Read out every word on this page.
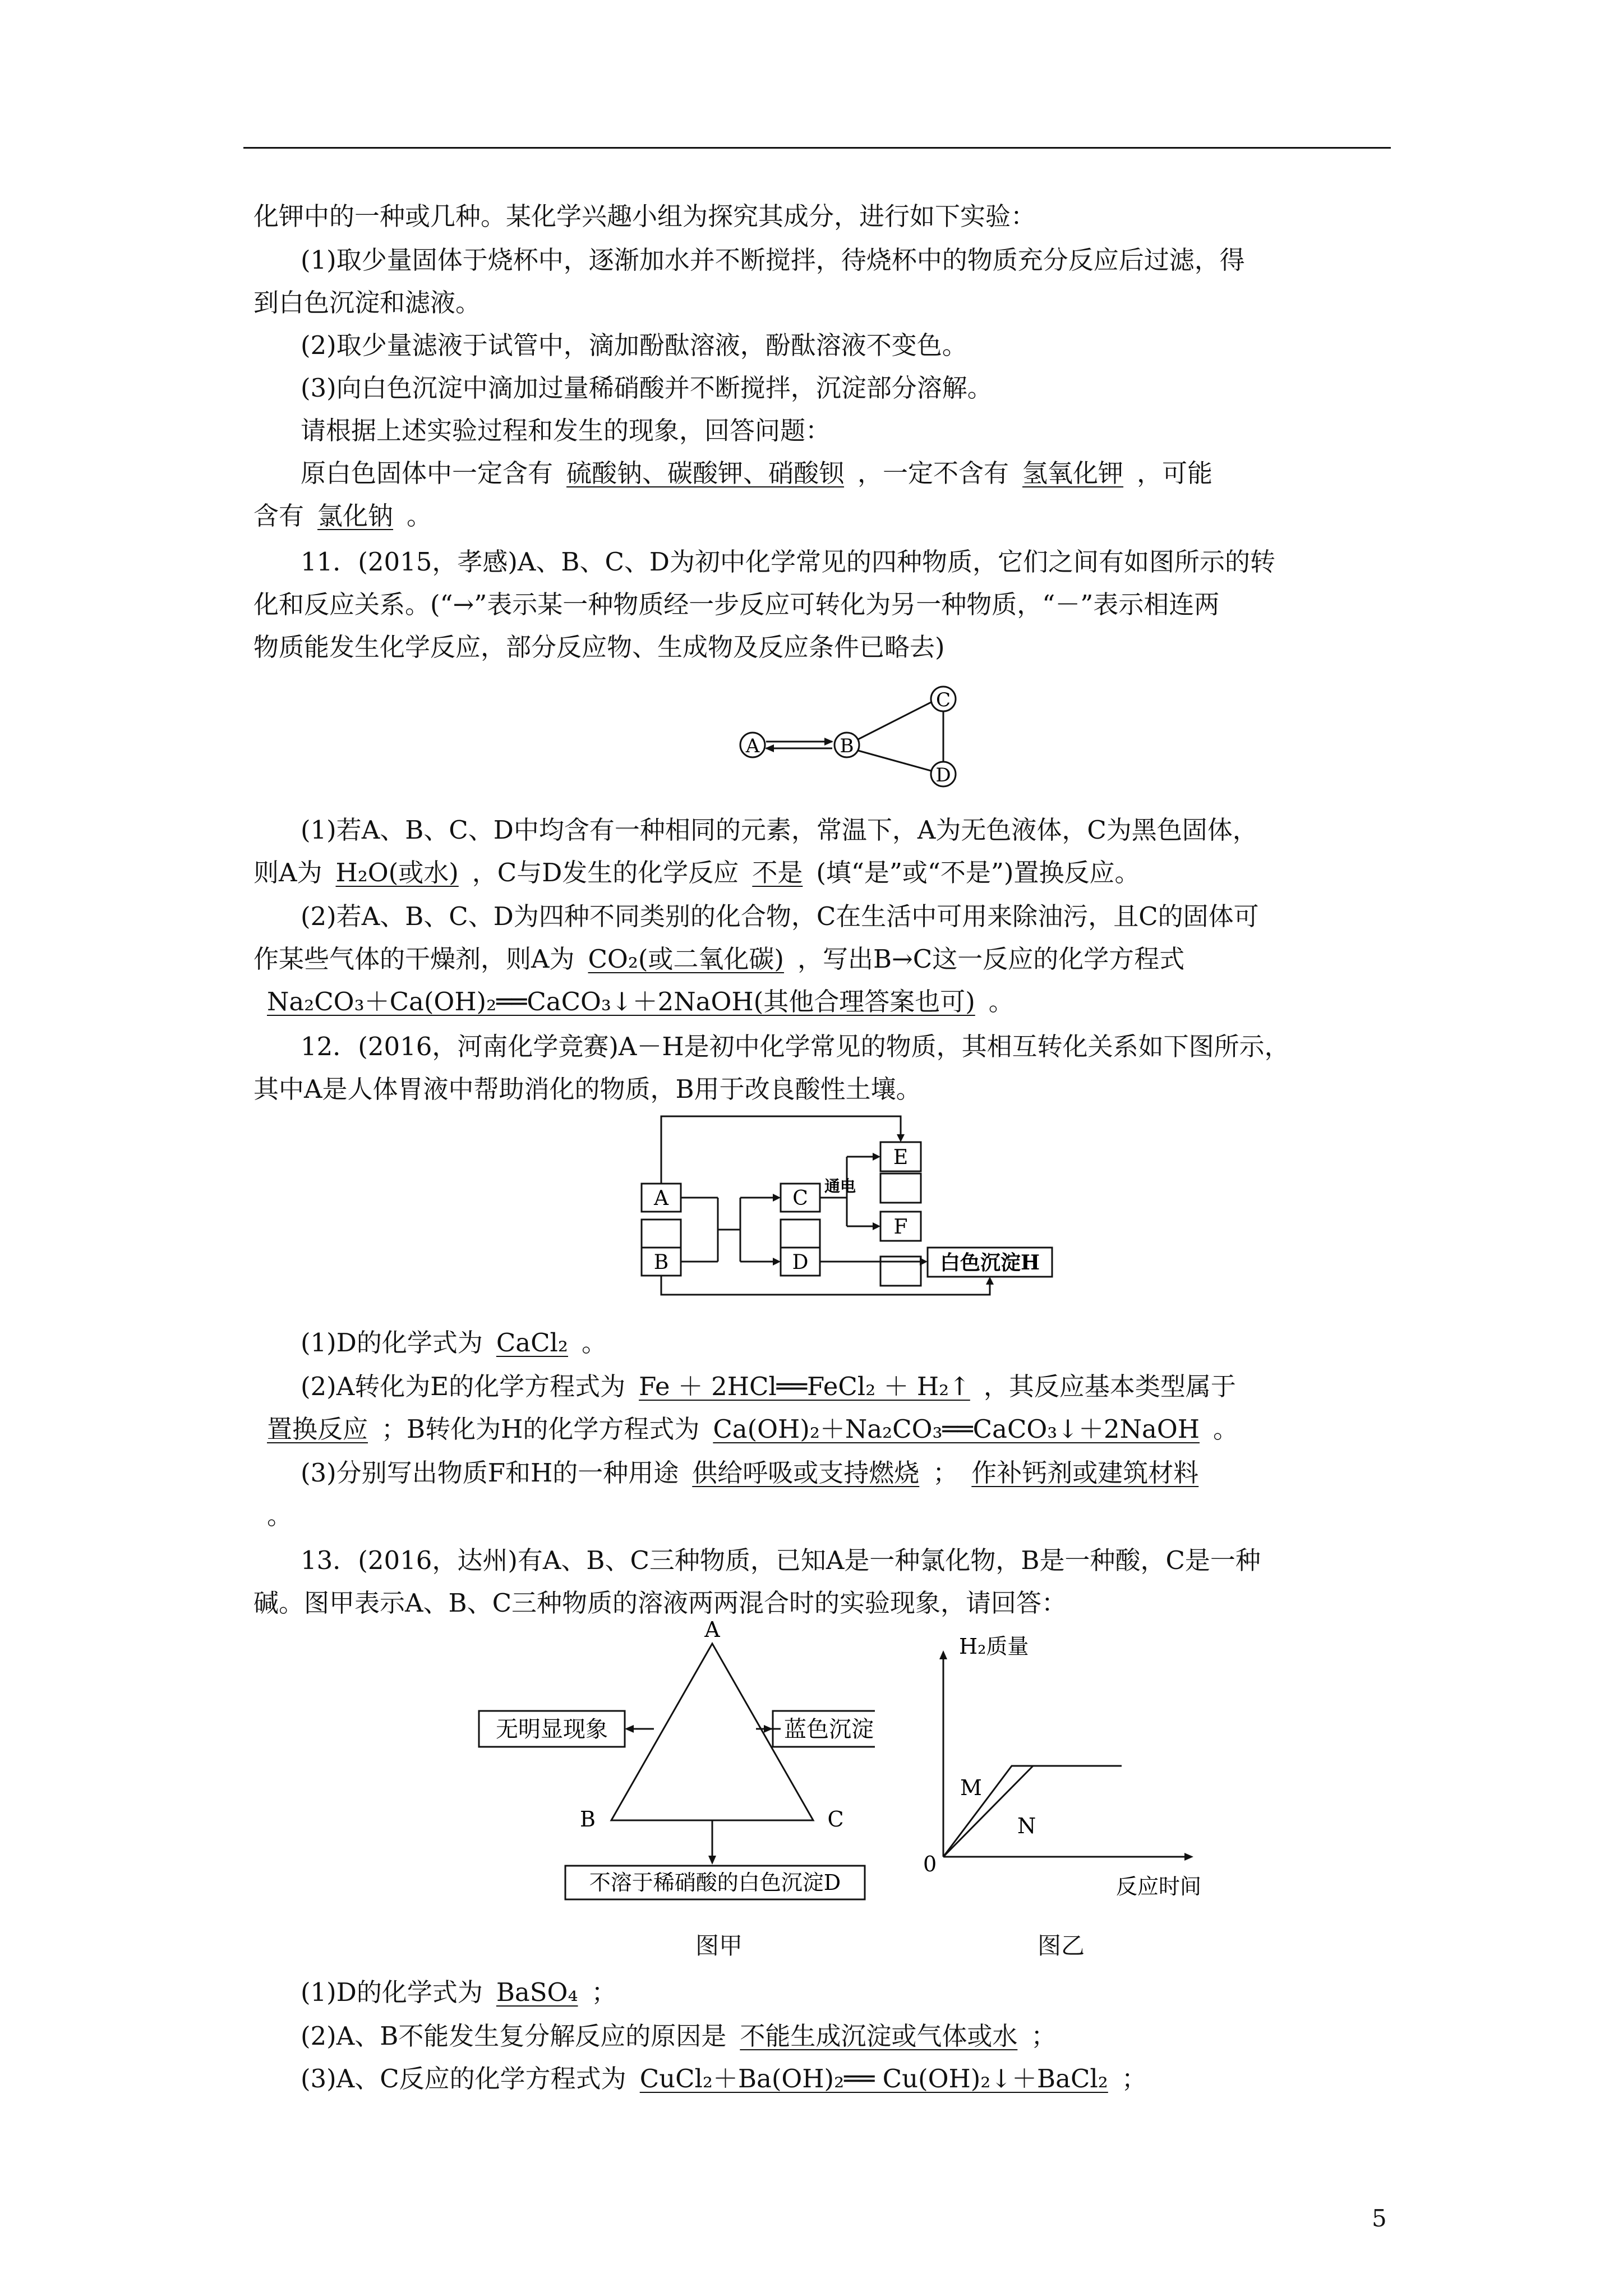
化钾中的一种或几种。某化学兴趣小组为探究其成分，进行如下实验：
(1)取少量固体于烧杯中，逐渐加水并不断搅拌，待烧杯中的物质充分反应后过滤，得
到白色沉淀和滤液。
(2)取少量滤液于试管中，滴加酚酞溶液，酚酞溶液不变色。
(3)向白色沉淀中滴加过量稀硝酸并不断搅拌，沉淀部分溶解。
请根据上述实验过程和发生的现象，回答问题：
原白色固体中一定含有 硫酸钠、碳酸钾、硝酸钡 ，一定不含有 氢氧化钾 ，可能
含有 氯化钠 。
11．(2015，孝感)A、B、C、D为初中化学常见的四种物质，它们之间有如图所示的转
化和反应关系。(“→”表示某一种物质经一步反应可转化为另一种物质，“－”表示相连两
物质能发生化学反应，部分反应物、生成物及反应条件已略去)
A	B
C
D
(1)若A、B、C、D中均含有一种相同的元素，常温下，A为无色液体，C为黑色固体，
则A为 H₂O(或水) ，C与D发生的化学反应 不是 (填“是”或“不是”)置换反应。
(2)若A、B、C、D为四种不同类别的化合物，C在生活中可用来除油污，且C的固体可
作某些气体的干燥剂，则A为 CO₂(或二氧化碳) ，写出B→C这一反应的化学方程式
Na₂CO₃＋Ca(OH)₂══CaCO₃↓＋2NaOH(其他合理答案也可) 。
12．(2016，河南化学竞赛)A－H是初中化学常见的物质，其相互转化关系如下图所示，
其中A是人体胃液中帮助消化的物质，B用于改良酸性土壤。
A
B
C
D
E
F
白色沉淀H
通电
(1)D的化学式为 CaCl₂ 。
(2)A转化为E的化学方程式为 Fe ＋ 2HCl══FeCl₂ ＋ H₂↑ ，其反应基本类型属于
置换反应 ；B转化为H的化学方程式为 Ca(OH)₂＋Na₂CO₃══CaCO₃↓＋2NaOH 。
(3)分别写出物质F和H的一种用途 供给呼吸或支持燃烧 ； 作补钙剂或建筑材料
。
13．(2016，达州)有A、B、C三种物质，已知A是一种氯化物，B是一种酸，C是一种
碱。图甲表示A、B、C三种物质的溶液两两混合时的实验现象，请回答：
A
B	C
无明显现象	蓝色沉淀
不溶于稀硝酸的白色沉淀D
H₂质量
反应时间
0
M
N
图甲	图乙
(1)D的化学式为 BaSO₄ ；
(2)A、B不能发生复分解反应的原因是 不能生成沉淀或气体或水 ；
(3)A、C反应的化学方程式为 CuCl₂＋Ba(OH)₂══ Cu(OH)₂↓＋BaCl₂ ；
5
